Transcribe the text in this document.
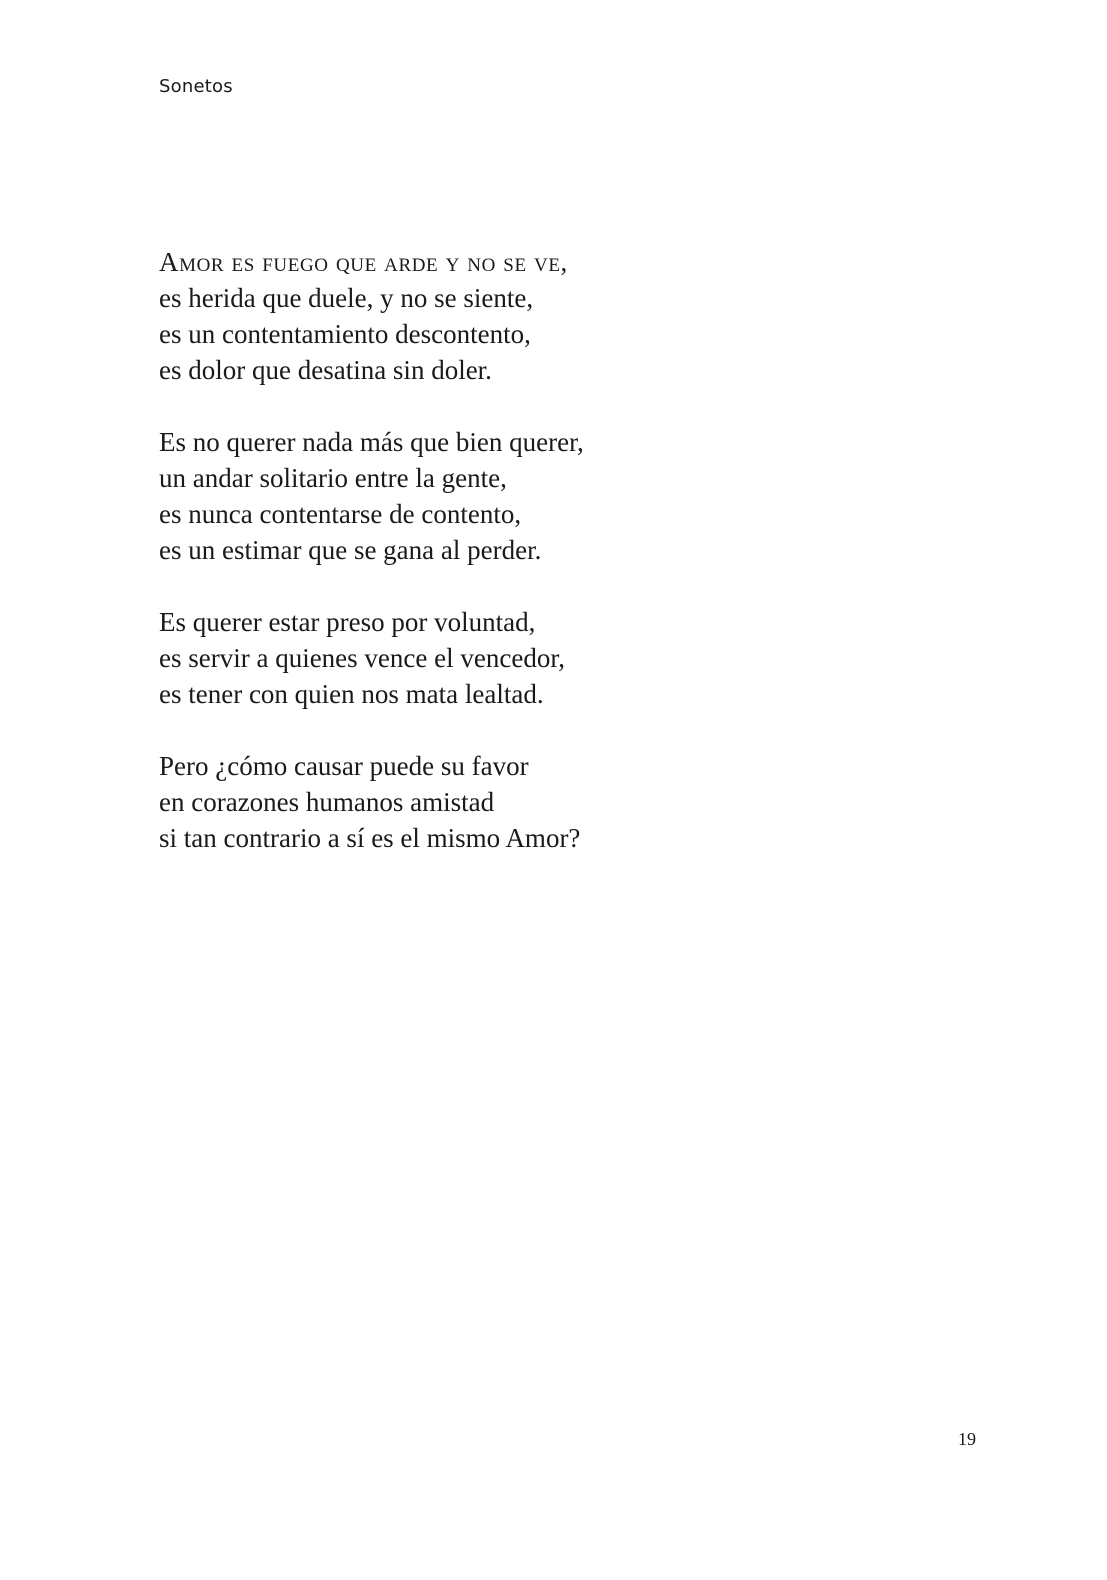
Sonetos
Amor es fuego que arde y no se ve,
es herida que duele, y no se siente,
es un contentamiento descontento,
es dolor que desatina sin doler.
Es no querer nada más que bien querer,
un andar solitario entre la gente,
es nunca contentarse de contento,
es un estimar que se gana al perder.
Es querer estar preso por voluntad,
es servir a quienes vence el vencedor,
es tener con quien nos mata lealtad.
Pero ¿cómo causar puede su favor
en corazones humanos amistad
si tan contrario a sí es el mismo Amor?
19
